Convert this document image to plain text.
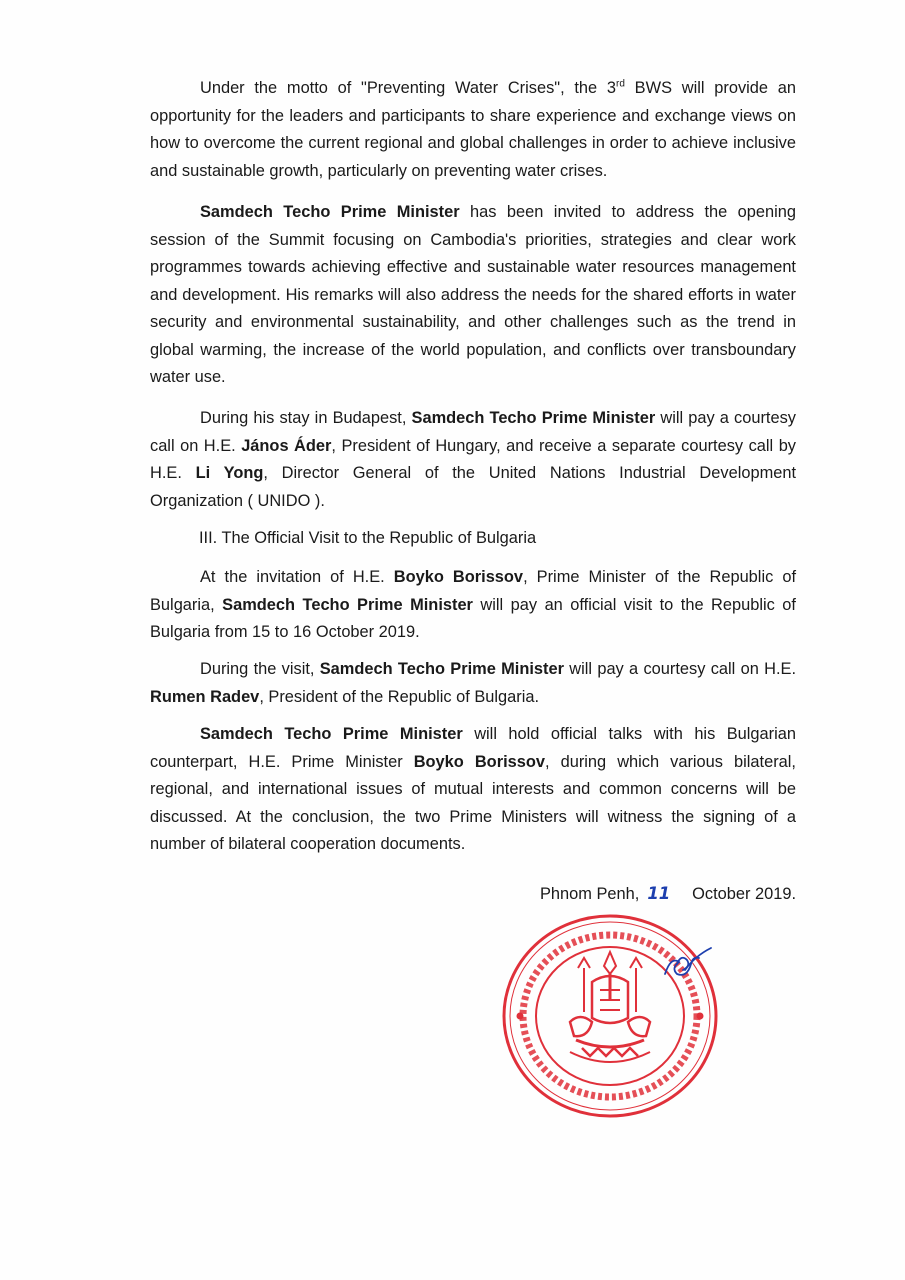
Under the motto of "Preventing Water Crises", the 3rd BWS will provide an opportunity for the leaders and participants to share experience and exchange views on how to overcome the current regional and global challenges in order to achieve inclusive and sustainable growth, particularly on preventing water crises.

Samdech Techo Prime Minister has been invited to address the opening session of the Summit focusing on Cambodia's priorities, strategies and clear work programmes towards achieving effective and sustainable water resources management and development. His remarks will also address the needs for the shared efforts in water security and environmental sustainability, and other challenges such as the trend in global warming, the increase of the world population, and conflicts over transboundary water use.

During his stay in Budapest, Samdech Techo Prime Minister will pay a courtesy call on H.E. János Áder, President of Hungary, and receive a separate courtesy call by H.E. Li Yong, Director General of the United Nations Industrial Development Organization ( UNIDO ).

III. The Official Visit to the Republic of Bulgaria

At the invitation of H.E. Boyko Borissov, Prime Minister of the Republic of Bulgaria, Samdech Techo Prime Minister will pay an official visit to the Republic of Bulgaria from 15 to 16 October 2019.

During the visit, Samdech Techo Prime Minister will pay a courtesy call on H.E. Rumen Radev, President of the Republic of Bulgaria.

Samdech Techo Prime Minister will hold official talks with his Bulgarian counterpart, H.E. Prime Minister Boyko Borissov, during which various bilateral, regional, and international issues of mutual interests and common concerns will be discussed. At the conclusion, the two Prime Ministers will witness the signing of a number of bilateral cooperation documents.

Phnom Penh, 11 October 2019.
